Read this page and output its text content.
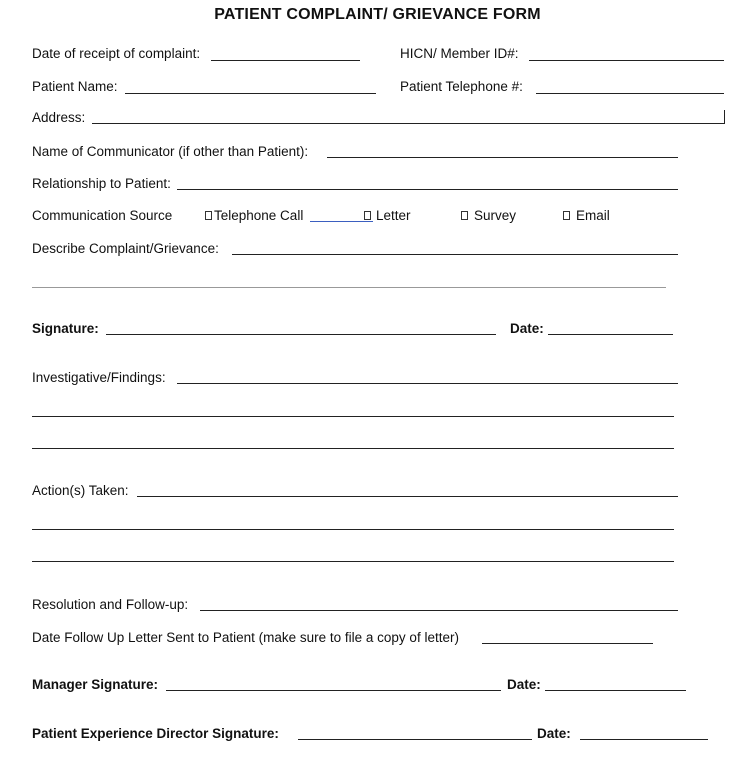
PATIENT COMPLAINT/ GRIEVANCE FORM
Date of receipt of complaint:	HICN/ Member ID#:
Patient Name:	Patient Telephone #:
Address:
Name of Communicator (if other than Patient):
Relationship to Patient:
Communication Source	Telephone Call	Letter	Survey	Email
Describe Complaint/Grievance:
Signature:	Date:
Investigative/Findings:
Action(s) Taken:
Resolution and Follow-up:
Date Follow Up Letter Sent to Patient (make sure to file a copy of letter)
Manager Signature:	Date:
Patient Experience Director Signature:	Date:
